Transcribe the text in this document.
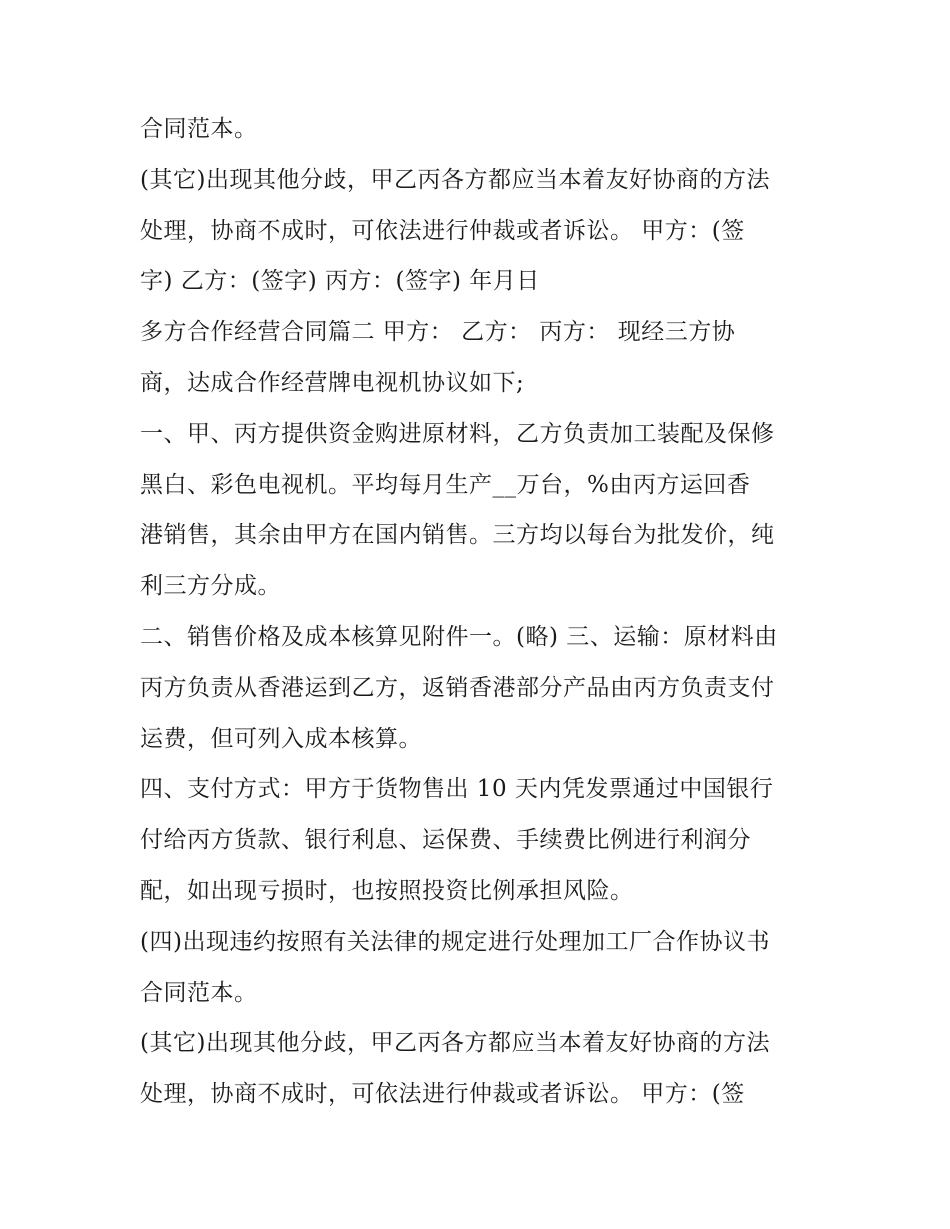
合同范本。
(其它)出现其他分歧，甲乙丙各方都应当本着友好协商的方法
处理，协商不成时，可依法进行仲裁或者诉讼。 甲方：(签
字) 乙方：(签字) 丙方：(签字) 年月日
多方合作经营合同篇二 甲方： 乙方： 丙方： 现经三方协
商，达成合作经营牌电视机协议如下;
一、甲、丙方提供资金购进原材料，乙方负责加工装配及保修
黑白、彩色电视机。平均每月生产__万台，%由丙方运回香
港销售，其余由甲方在国内销售。三方均以每台为批发价，纯
利三方分成。
二、销售价格及成本核算见附件一。(略) 三、运输：原材料由
丙方负责从香港运到乙方，返销香港部分产品由丙方负责支付
运费，但可列入成本核算。
四、支付方式：甲方于货物售出 10 天内凭发票通过中国银行
付给丙方货款、银行利息、运保费、手续费比例进行利润分
配，如出现亏损时，也按照投资比例承担风险。
(四)出现违约按照有关法律的规定进行处理加工厂合作协议书
合同范本。
(其它)出现其他分歧，甲乙丙各方都应当本着友好协商的方法
处理，协商不成时，可依法进行仲裁或者诉讼。 甲方：(签
